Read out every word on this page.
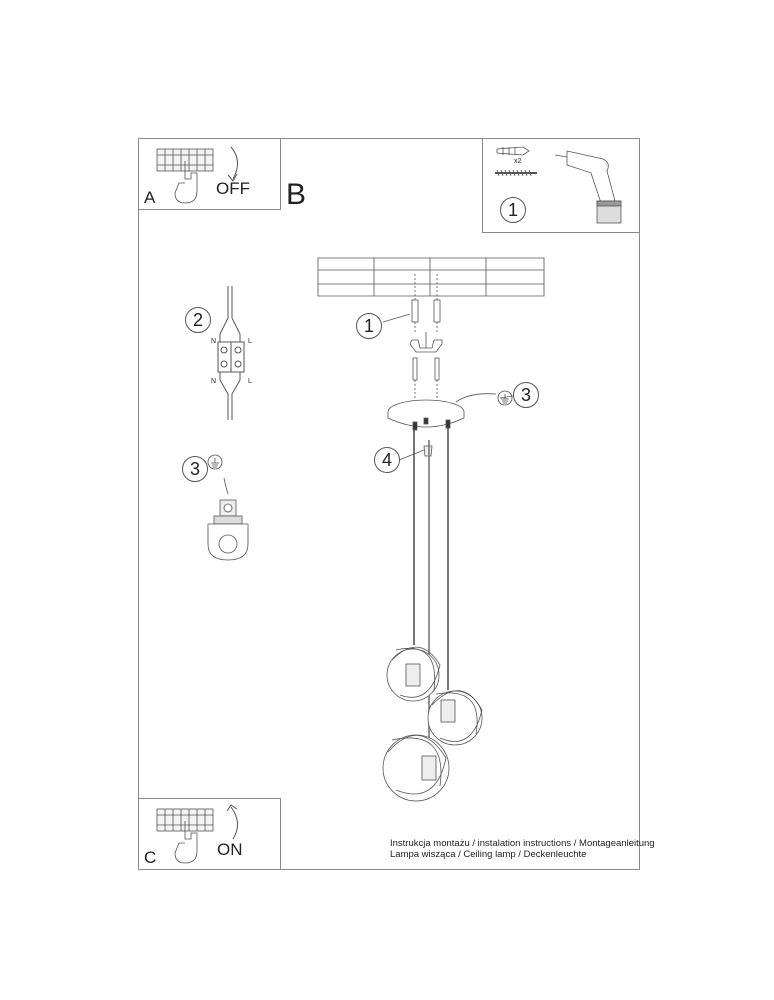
A	OFF B
x2
1
2
N	L
N	L
3
1
3
4
C	ON	Instrukcja montażu / instalation instructions / Montageanleitung
Lampa wisząca / Ceiling lamp / Deckenleuchte
